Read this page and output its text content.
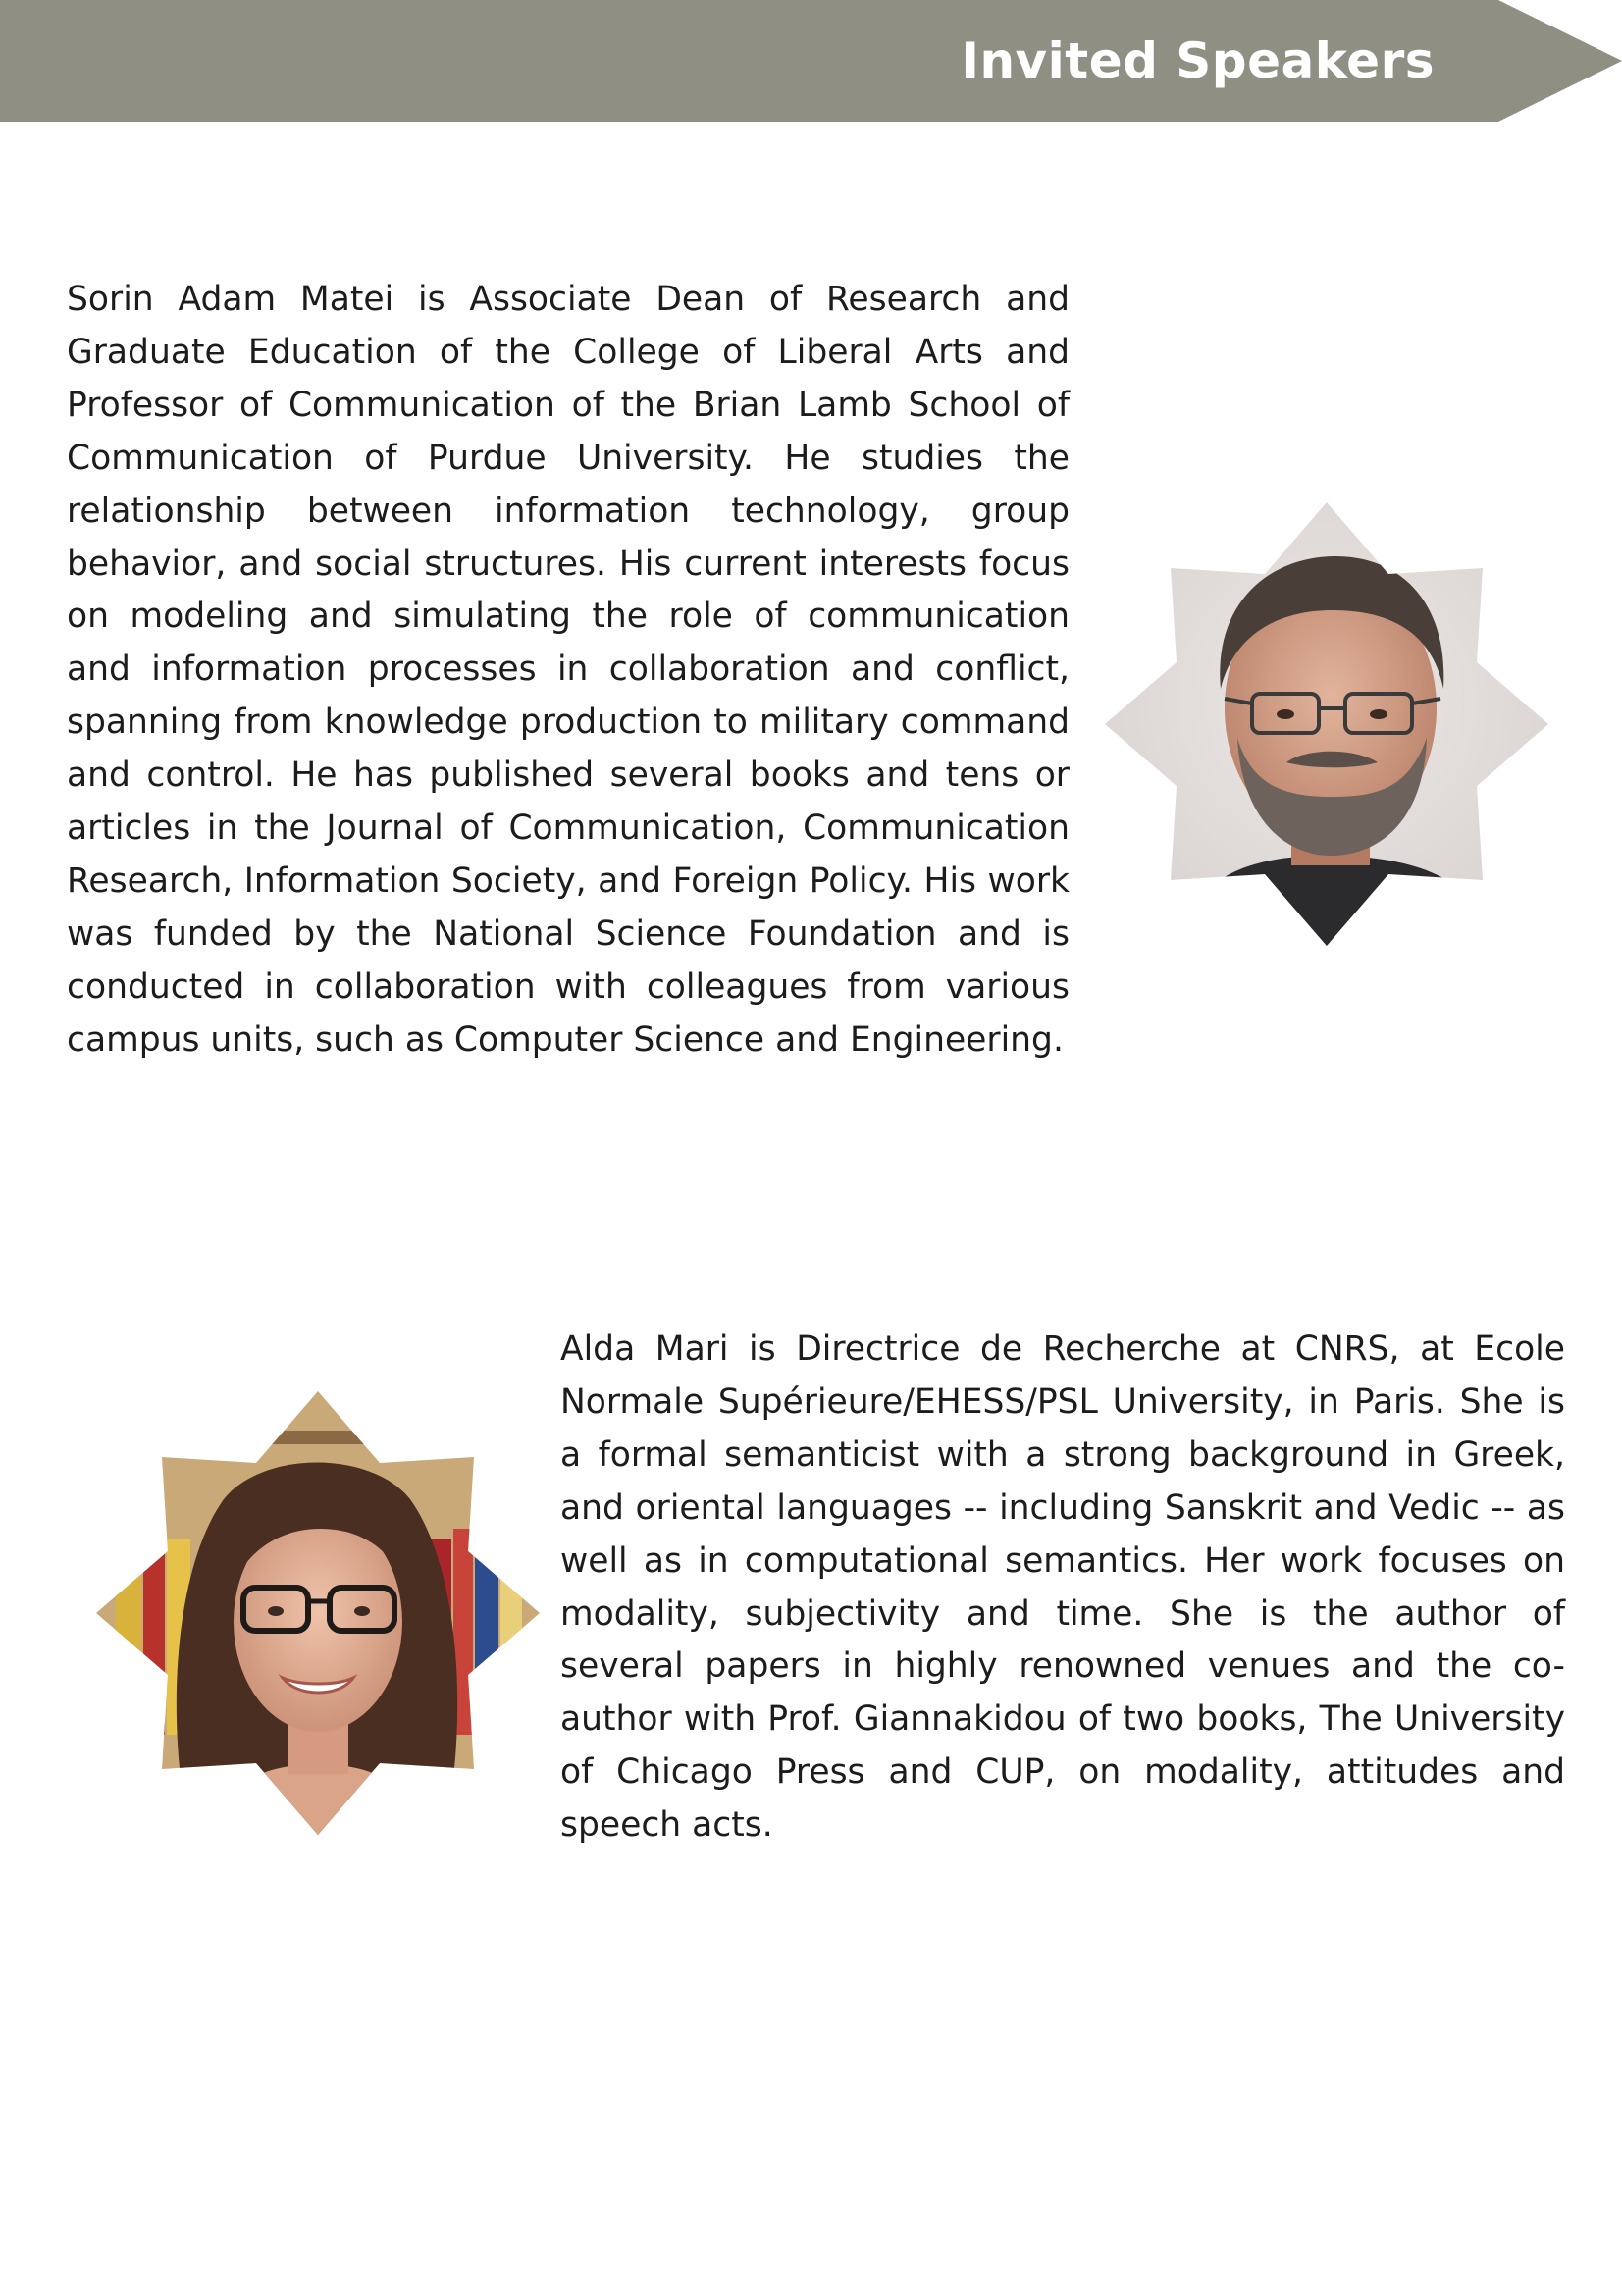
Invited Speakers

Sorin Adam Matei is Associate Dean of Research and Graduate Education of the College of Liberal Arts and Professor of Communication of the Brian Lamb School of Communication of Purdue University. He studies the relationship between information technology, group behavior, and social structures. His current interests focus on modeling and simulating the role of communication and information processes in collaboration and conflict, spanning from knowledge production to military command and control. He has published several books and tens or articles in the Journal of Communication, Communication Research, Information Society, and Foreign Policy. His work was funded by the National Science Foundation and is conducted in collaboration with colleagues from various campus units, such as Computer Science and Engineering.

Alda Mari is Directrice de Recherche at CNRS, at Ecole Normale Supérieure/EHESS/PSL University, in Paris. She is a formal semanticist with a strong background in Greek, and oriental languages -- including Sanskrit and Vedic -- as well as in computational semantics. Her work focuses on modality, subjectivity and time. She is the author of several papers in highly renowned venues and the co-author with Prof. Giannakidou of two books, The University of Chicago Press and CUP, on modality, attitudes and speech acts.
